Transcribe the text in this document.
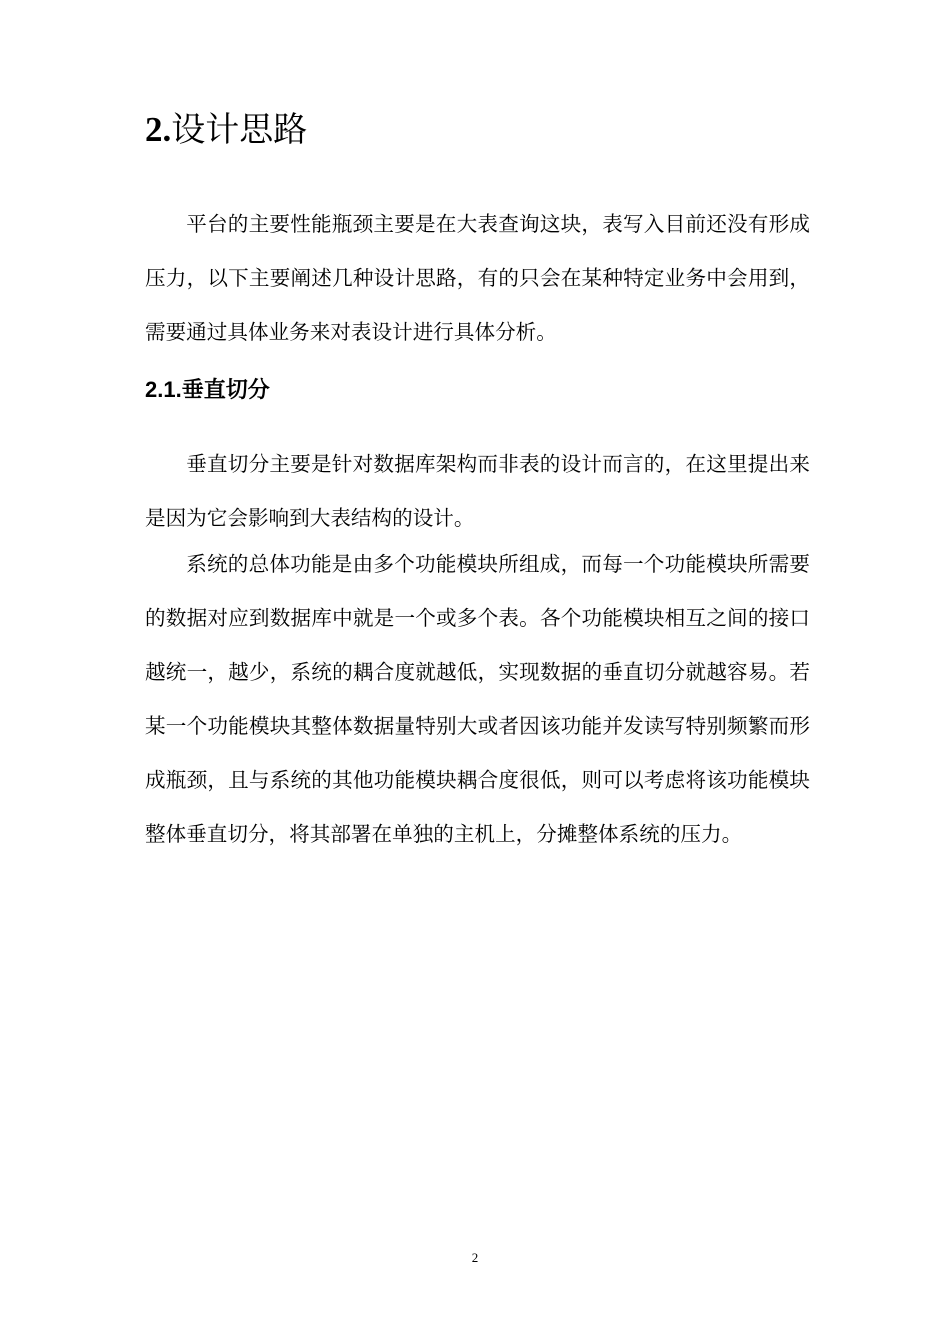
2.设计思路

平台的主要性能瓶颈主要是在大表查询这块，表写入目前还没有形成压力，以下主要阐述几种设计思路，有的只会在某种特定业务中会用到，需要通过具体业务来对表设计进行具体分析。

2.1.垂直切分

垂直切分主要是针对数据库架构而非表的设计而言的，在这里提出来是因为它会影响到大表结构的设计。

系统的总体功能是由多个功能模块所组成，而每一个功能模块所需要的数据对应到数据库中就是一个或多个表。各个功能模块相互之间的接口越统一，越少，系统的耦合度就越低，实现数据的垂直切分就越容易。若某一个功能模块其整体数据量特别大或者因该功能并发读写特别频繁而形成瓶颈，且与系统的其他功能模块耦合度很低，则可以考虑将该功能模块整体垂直切分，将其部署在单独的主机上，分摊整体系统的压力。

2
